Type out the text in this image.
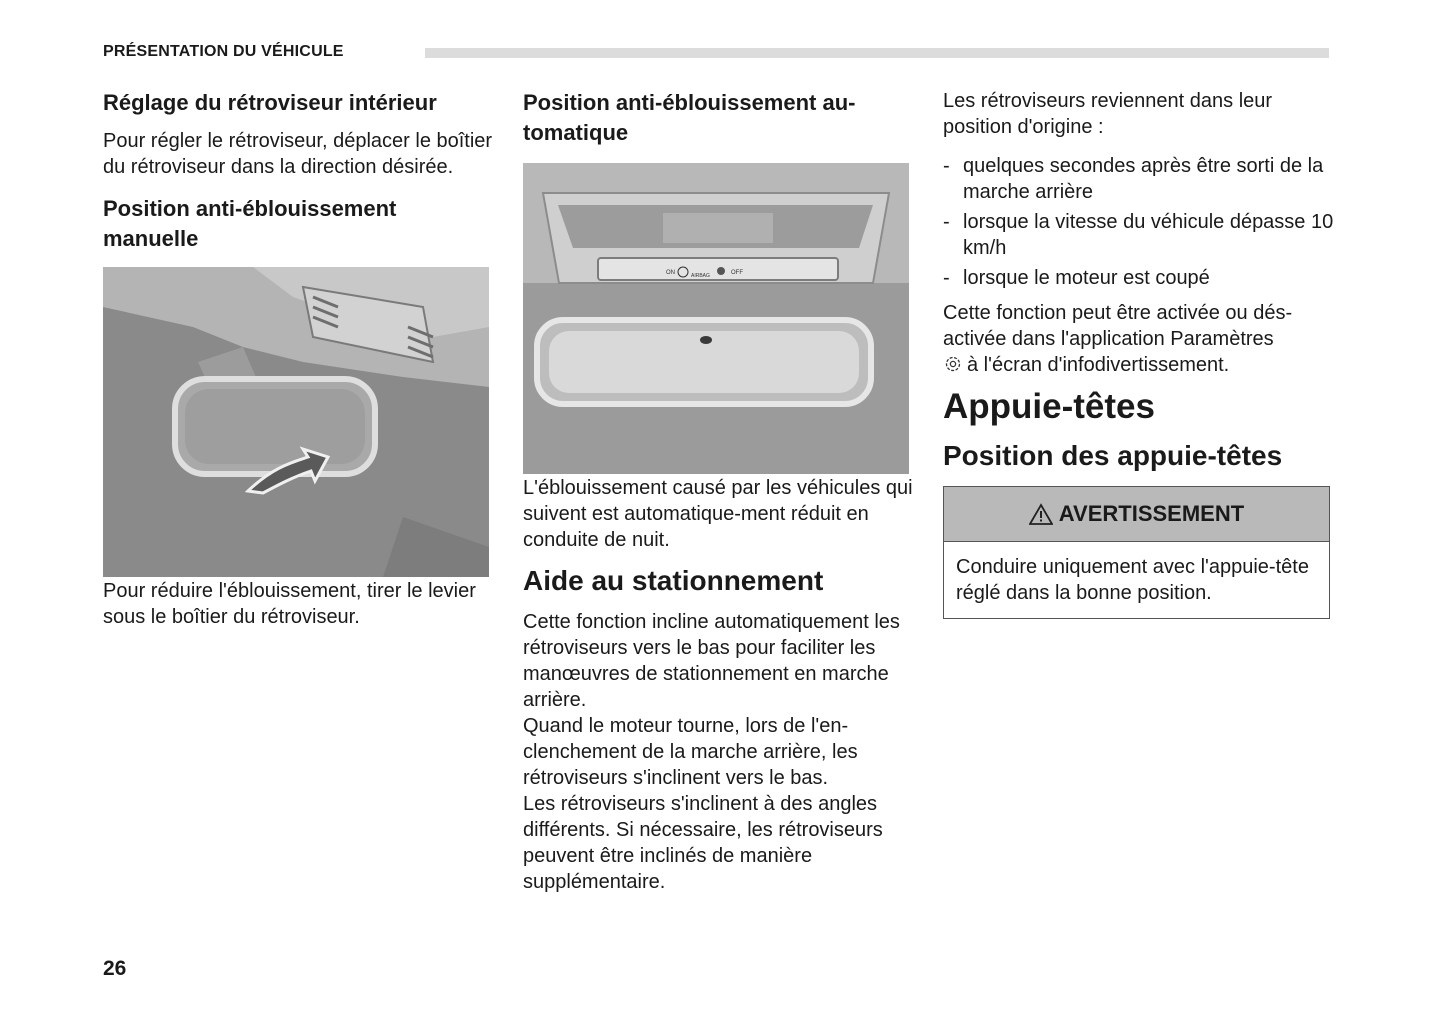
PRÉSENTATION DU VÉHICULE
Réglage du rétroviseur intérieur

Pour régler le rétroviseur, déplacer le boîtier du rétroviseur dans la direction désirée.

Position anti-éblouissement manuelle

Pour réduire l'éblouissement, tirer le levier sous le boîtier du rétroviseur.

Position anti-éblouissement au-tomatique
ON	AIRBAG	OFF

L'éblouissement causé par les véhicules qui suivent est automatique-ment réduit en conduite de nuit.

Aide au stationnement

Cette fonction incline automatiquement les rétroviseurs vers le bas pour faciliter les manœuvres de stationnement en marche arrière.

Quand le moteur tourne, lors de l'en-clenchement de la marche arrière, les rétroviseurs s'inclinent vers le bas.

Les rétroviseurs s'inclinent à des angles différents. Si nécessaire, les rétroviseurs peuvent être inclinés de manière supplémentaire.

Les rétroviseurs reviennent dans leur position d'origine :

- quelques secondes après être sorti de la marche arrière
- lorsque la vitesse du véhicule dépasse 10 km/h
- lorsque le moteur est coupé

Cette fonction peut être activée ou dés-activée dans l'application Paramètres
à l'écran d'infodivertissement.

Appuie-têtes
Position des appuie-têtes
AVERTISSEMENT

Conduire uniquement avec l'appuie-tête réglé dans la bonne position.

26
